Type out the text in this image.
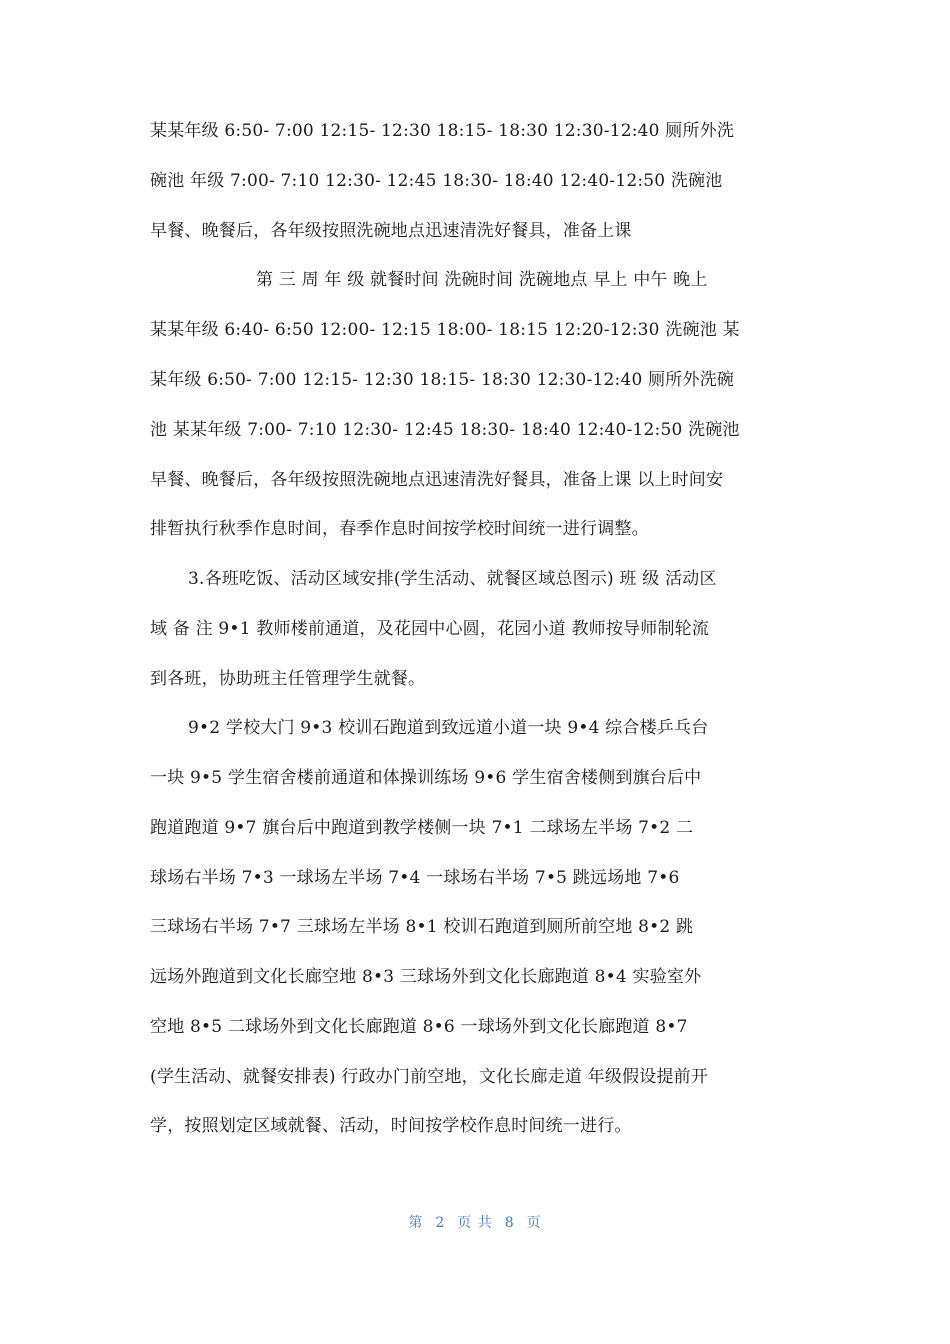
某某年级 6:50- 7:00 12:15- 12:30 18:15- 18:30 12:30-12:40 厕所外洗
碗池 年级 7:00- 7:10 12:30- 12:45 18:30- 18:40 12:40-12:50 洗碗池
早餐、晚餐后，各年级按照洗碗地点迅速清洗好餐具，准备上课
第 三 周 年 级 就餐时间 洗碗时间 洗碗地点 早上 中午 晚上
某某年级 6:40- 6:50 12:00- 12:15 18:00- 18:15 12:20-12:30 洗碗池 某
某年级 6:50- 7:00 12:15- 12:30 18:15- 18:30 12:30-12:40 厕所外洗碗
池 某某年级 7:00- 7:10 12:30- 12:45 18:30- 18:40 12:40-12:50 洗碗池
早餐、晚餐后，各年级按照洗碗地点迅速清洗好餐具，准备上课 以上时间安
排暂执行秋季作息时间，春季作息时间按学校时间统一进行调整。
3.各班吃饭、活动区域安排(学生活动、就餐区域总图示) 班 级 活动区
域 备 注 9•1 教师楼前通道，及花园中心圆，花园小道 教师按导师制轮流
到各班，协助班主任管理学生就餐。
9•2 学校大门 9•3 校训石跑道到致远道小道一块 9•4 综合楼乒乓台
一块 9•5 学生宿舍楼前通道和体操训练场 9•6 学生宿舍楼侧到旗台后中
跑道跑道 9•7 旗台后中跑道到教学楼侧一块 7•1 二球场左半场 7•2 二
球场右半场 7•3 一球场左半场 7•4 一球场右半场 7•5 跳远场地 7•6
三球场右半场 7•7 三球场左半场 8•1 校训石跑道到厕所前空地 8•2 跳
远场外跑道到文化长廊空地 8•3 三球场外到文化长廊跑道 8•4 实验室外
空地 8•5 二球场外到文化长廊跑道 8•6 一球场外到文化长廊跑道 8•7
(学生活动、就餐安排表) 行政办门前空地，文化长廊走道 年级假设提前开
学，按照划定区域就餐、活动，时间按学校作息时间统一进行。
第 2 页 共 8 页
